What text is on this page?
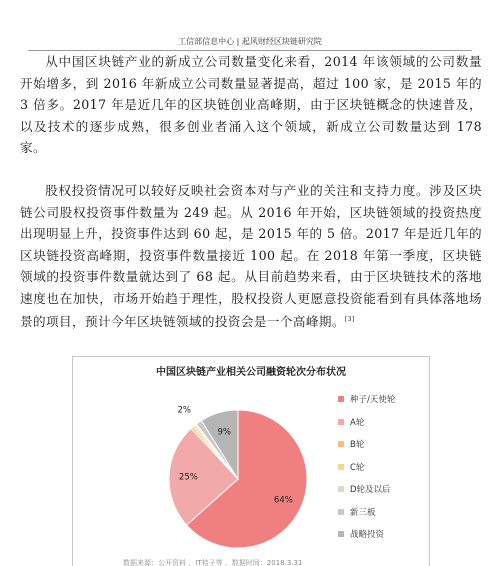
工信部信息中心 | 起风财经区块链研究院

从中国区块链产业的新成立公司数量变化来看，2014 年该领域的公司数量开始增多，到 2016 年新成立公司数量显著提高，超过 100 家，是 2015 年的 3 倍多。2017 年是近几年的区块链创业高峰期，由于区块链概念的快速普及，以及技术的逐步成熟，很多创业者涌入这个领域，新成立公司数量达到 178 家。

股权投资情况可以较好反映社会资本对与产业的关注和支持力度。涉及区块链公司股权投资事件数量为 249 起。从 2016 年开始，区块链领域的投资热度出现明显上升，投资事件达到 60 起，是 2015 年的 5 倍。2017 年是近几年的区块链投资高峰期，投资事件数量接近 100 起。在 2018 年第一季度，区块链领域的投资事件数量就达到了 68 起。从目前趋势来看，由于区块链技术的落地速度也在加快，市场开始趋于理性，股权投资人更愿意投资能看到有具体落地场景的项目，预计今年区块链领域的投资会是一个高峰期。[3]

中国区块链产业相关公司融资轮次分布状况
64%
25%
2%
9%
种子/天使轮
A轮
B轮
C轮
D轮及以后
新三板
战略投资
数据来源：公开资料 ，IT桔子等 ，数据时间：2018.3.31
